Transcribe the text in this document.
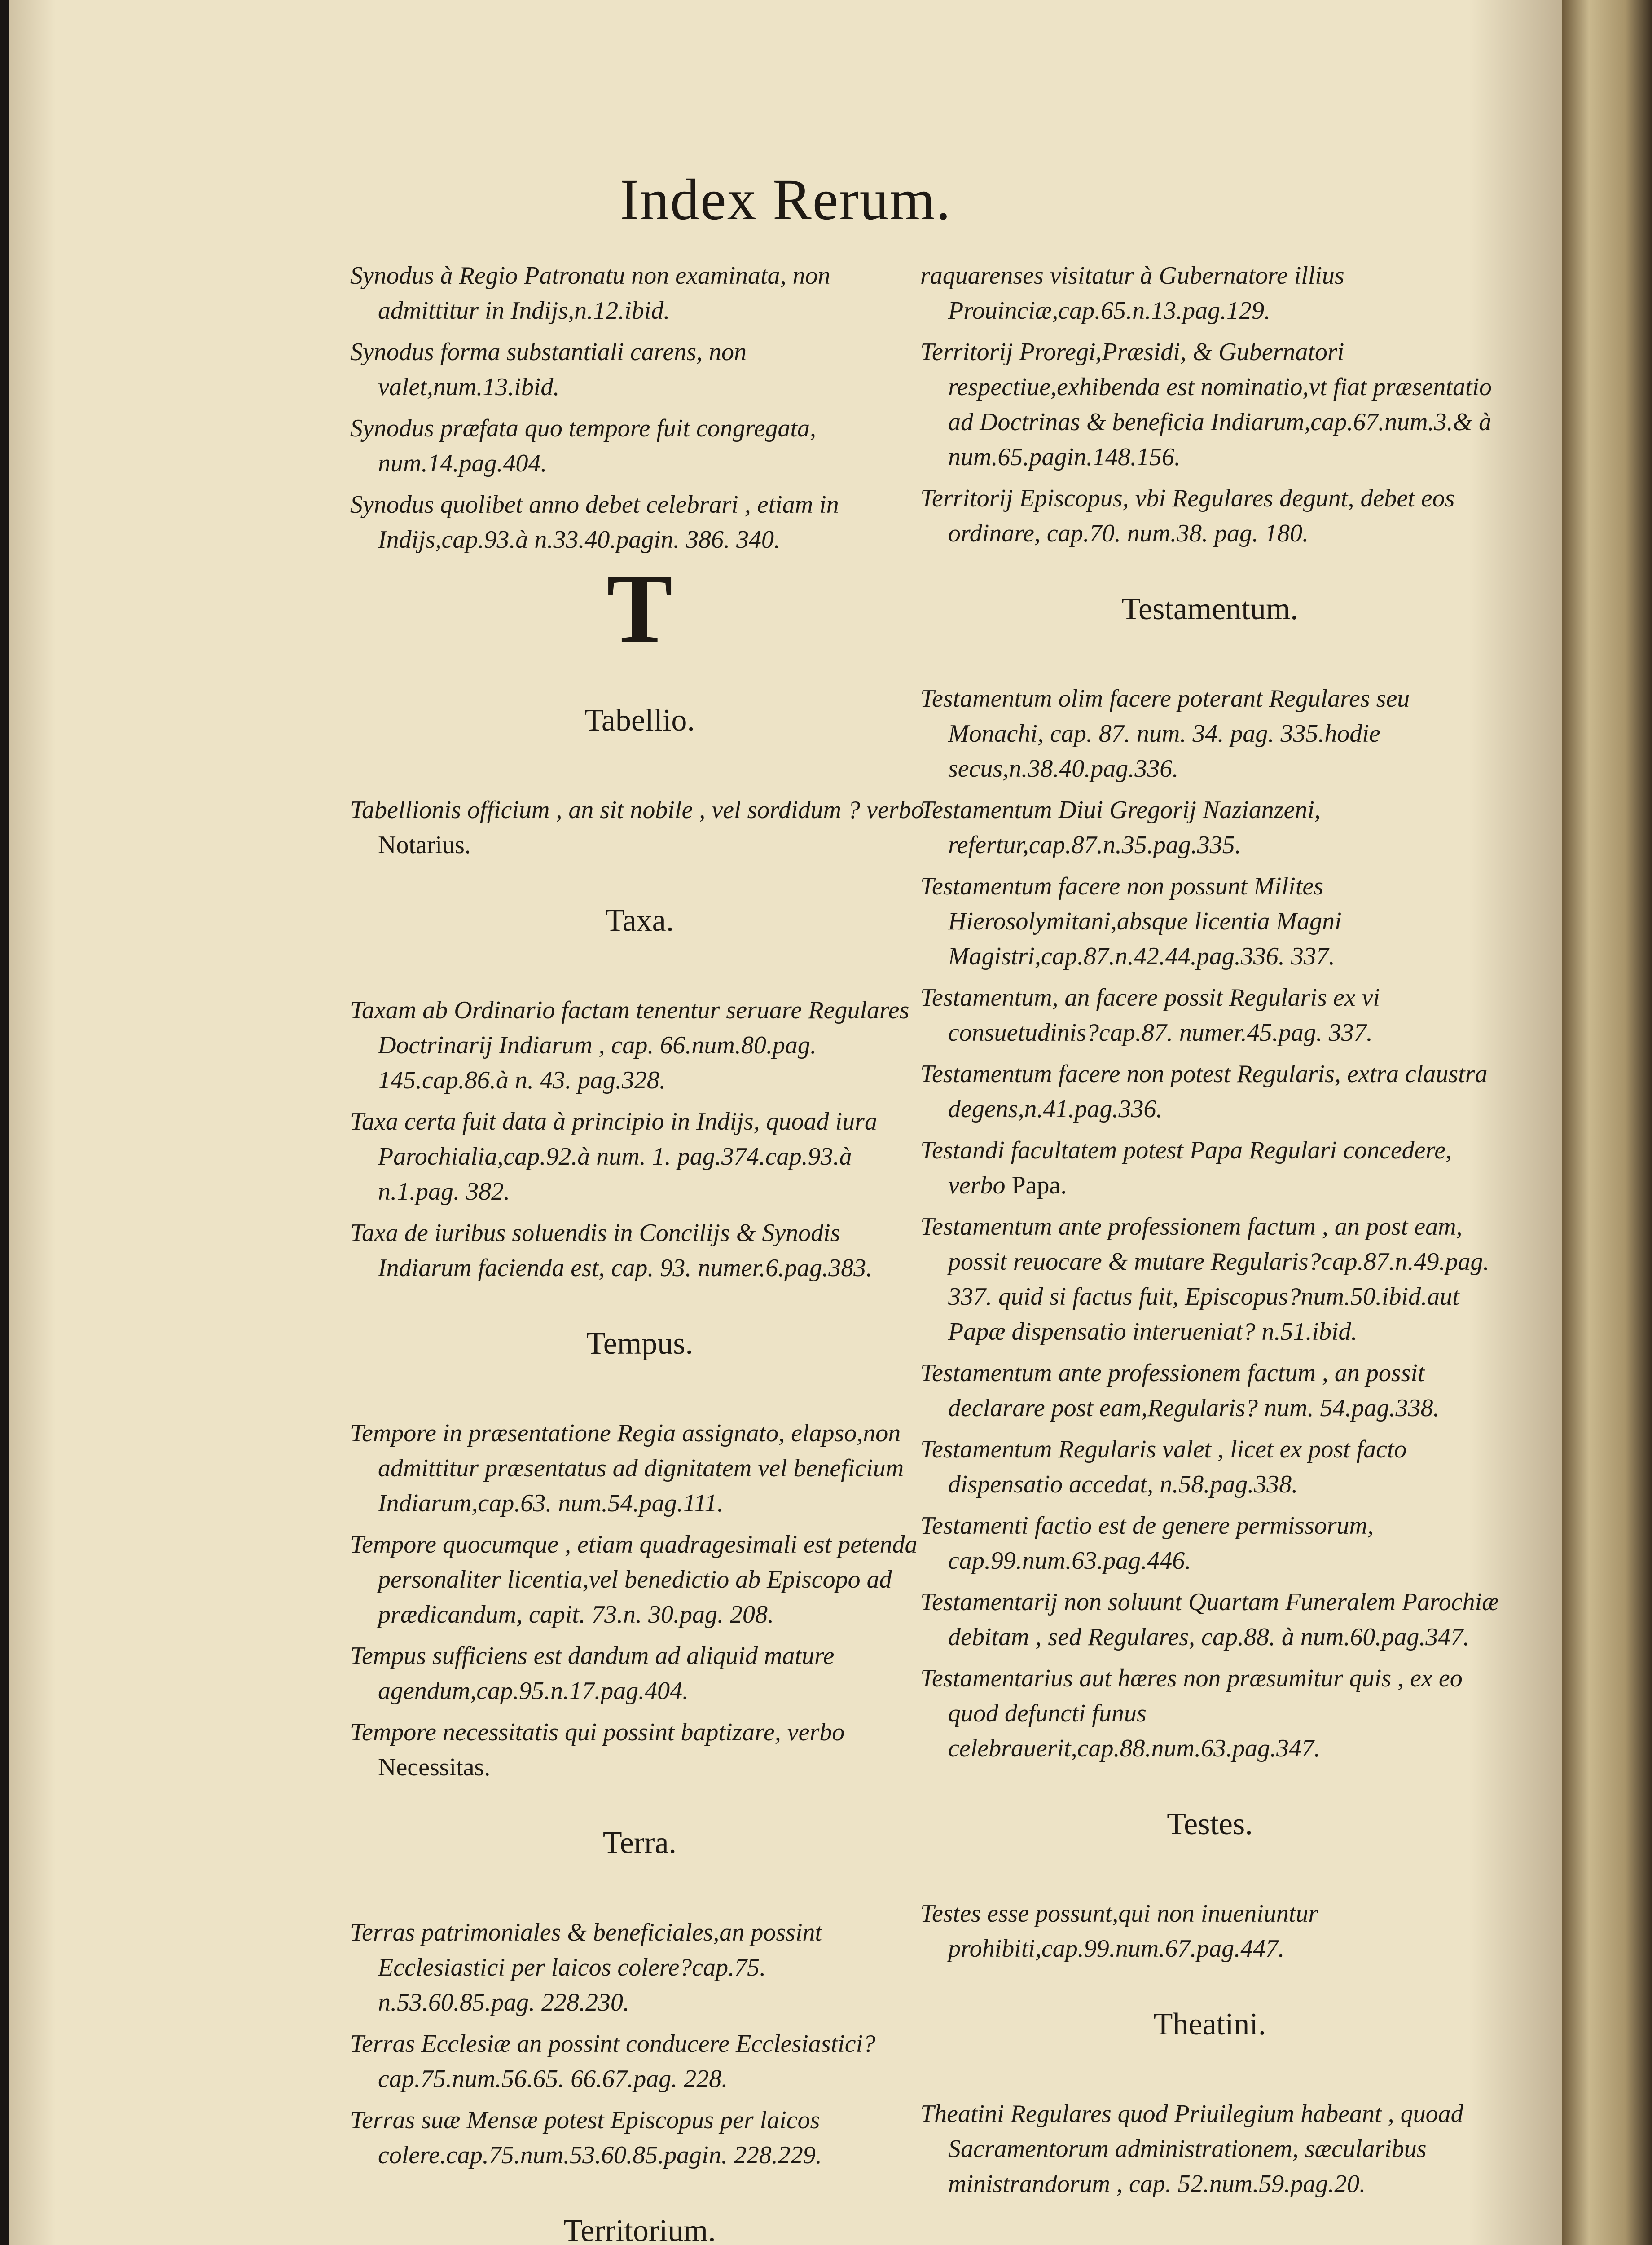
Index Rerum.
Synodus à Regio Patronatu non examinata, non admittitur in Indijs,n.12.ibid.
Synodus forma substantiali carens, non valet,num.13.ibid.
Synodus præfata quo tempore fuit congregata, num.14.pag.404.
Synodus quolibet anno debet celebrari , etiam in Indijs,cap.93.à n.33.40.pagin. 386. 340.
T
Tabellio.
Tabellionis officium , an sit nobile , vel sordidum ? verbo Notarius.
Taxa.
Taxam ab Ordinario factam tenentur seruare Regulares Doctrinarij Indiarum , cap. 66.num.80.pag. 145.cap.86.à n. 43. pag.328.
Taxa certa fuit data à principio in Indijs, quoad iura Parochialia,cap.92.à num. 1. pag.374.cap.93.à n.1.pag. 382.
Taxa de iuribus soluendis in Concilijs & Synodis Indiarum facienda est, cap. 93. numer.6.pag.383.
Tempus.
Tempore in præsentatione Regia assignato, elapso,non admittitur præsentatus ad dignitatem vel beneficium Indiarum,cap.63. num.54.pag.111.
Tempore quocumque , etiam quadragesimali est petenda personaliter licentia,vel benedictio ab Episcopo ad prædicandum, capit. 73.n. 30.pag. 208.
Tempus sufficiens est dandum ad aliquid mature agendum,cap.95.n.17.pag.404.
Tempore necessitatis qui possint baptizare, verbo Necessitas.
Terra.
Terras patrimoniales & beneficiales,an possint Ecclesiastici per laicos colere?cap.75. n.53.60.85.pag. 228.230.
Terras Ecclesiæ an possint conducere Ecclesiastici?cap.75.num.56.65. 66.67.pag. 228.
Terras suæ Mensæ potest Episcopus per laicos colere.cap.75.num.53.60.85.pagin. 228.229.
Territorium.
raquarenses visitatur à Gubernatore illius Prouinciæ,cap.65.n.13.pag.129.
Territorij Proregi,Præsidi, & Gubernatori respectiue,exhibenda est nominatio,vt fiat præsentatio ad Doctrinas & beneficia Indiarum,cap.67.num.3.& à num.65.pagin.148.156.
Territorij Episcopus, vbi Regulares degunt, debet eos ordinare, cap.70. num.38. pag. 180.
Testamentum.
Testamentum olim facere poterant Regulares seu Monachi, cap. 87. num. 34. pag. 335.hodie secus,n.38.40.pag.336.
Testamentum Diui Gregorij Nazianzeni, refertur,cap.87.n.35.pag.335.
Testamentum facere non possunt Milites Hierosolymitani,absque licentia Magni Magistri,cap.87.n.42.44.pag.336. 337.
Testamentum, an facere possit Regularis ex vi consuetudinis?cap.87. numer.45.pag. 337.
Testamentum facere non potest Regularis, extra claustra degens,n.41.pag.336.
Testandi facultatem potest Papa Regulari concedere, verbo Papa.
Testamentum ante professionem factum , an post eam, possit reuocare & mutare Regularis?cap.87.n.49.pag. 337. quid si factus fuit, Episcopus?num.50.ibid.aut Papæ dispensatio interueniat? n.51.ibid.
Testamentum ante professionem factum , an possit declarare post eam,Regularis? num. 54.pag.338.
Testamentum Regularis valet , licet ex post facto dispensatio accedat, n.58.pag.338.
Testamenti factio est de genere permissorum, cap.99.num.63.pag.446.
Testamentarij non soluunt Quartam Funeralem Parochiæ debitam , sed Regulares, cap.88. à num.60.pag.347.
Testamentarius aut hæres non præsumitur quis , ex eo quod defuncti funus celebrauerit,cap.88.num.63.pag.347.
Testes.
Testes esse possunt,qui non inueniuntur prohibiti,cap.99.num.67.pag.447.
Theatini.
Theatini Regulares quod Priuilegium habeant , quoad Sacramentorum administrationem, sæcularibus ministrandorum , cap. 52.num.59.pag.20.
